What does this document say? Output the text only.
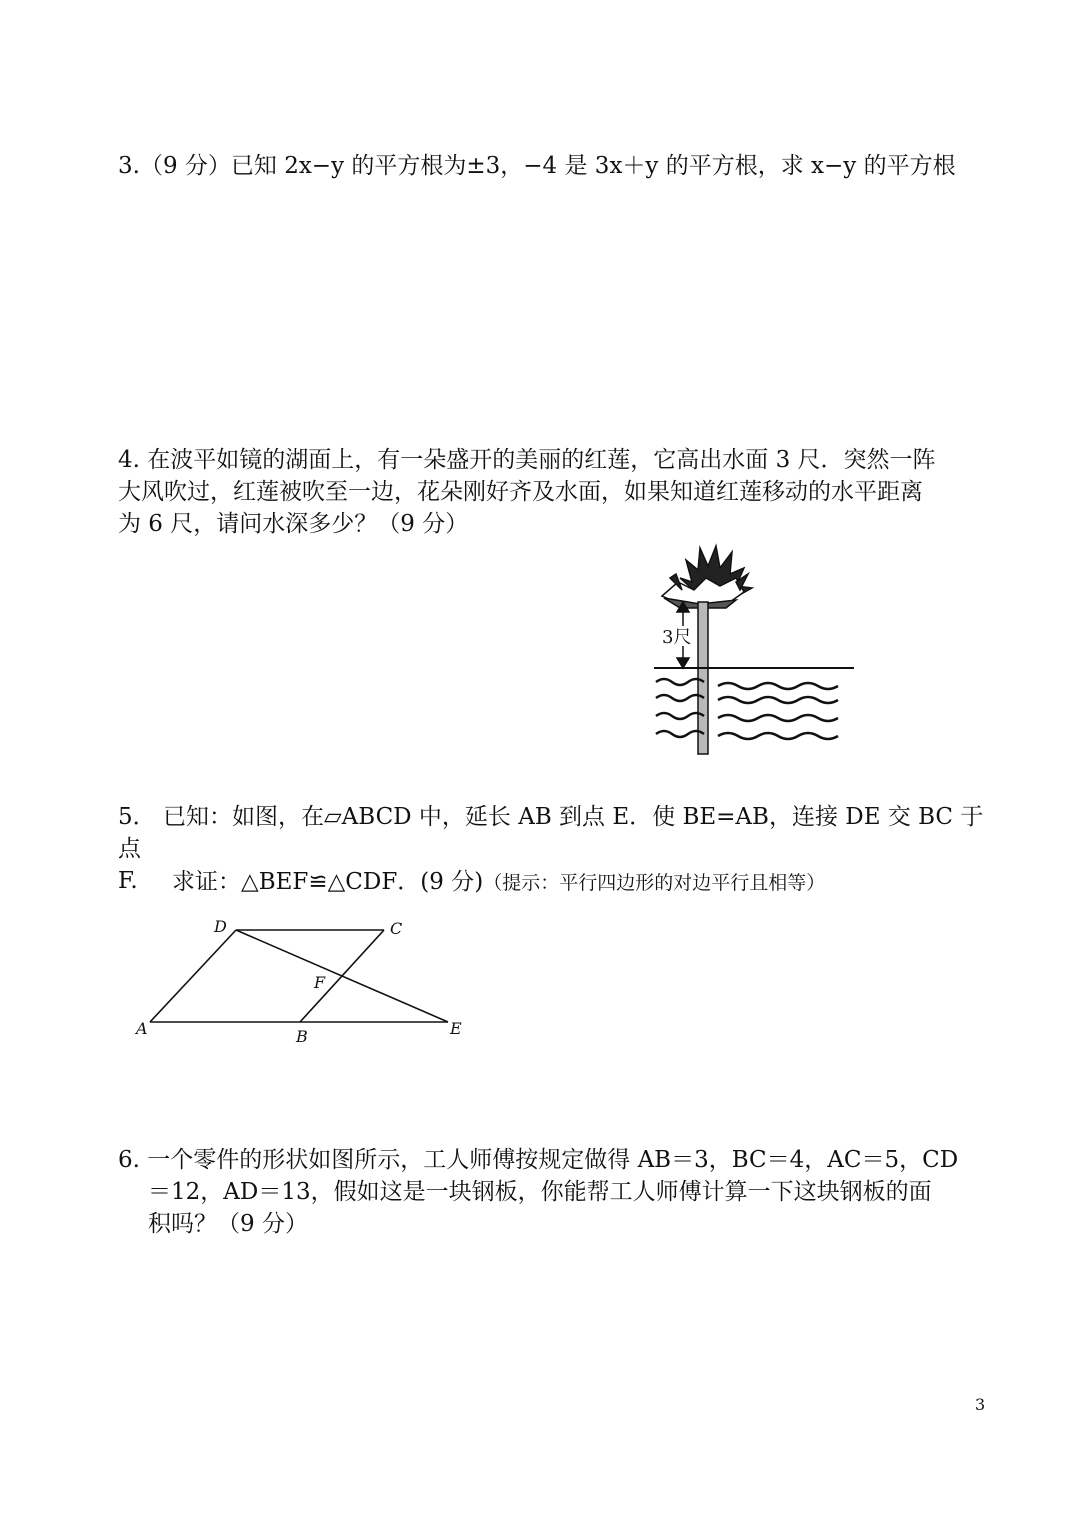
3.（9 分）已知 2x−y 的平方根为±3，−4 是 3x＋y 的平方根，求 x−y 的平方根

4. 在波平如镜的湖面上，有一朵盛开的美丽的红莲，它高出水面 3 尺．突然一阵
大风吹过，红莲被吹至一边，花朵刚好齐及水面，如果知道红莲移动的水平距离
为 6 尺，请问水深多少？（9 分）

3尺

5． 已知：如图，在▱ABCD 中，延长 AB 到点 E．使 BE=AB，连接 DE 交 BC 于点
F.	求证：△BEF≌△CDF．(9 分)（提示：平行四边形的对边平行且相等）

D	C
F
A	B	E

6. 一个零件的形状如图所示，工人师傅按规定做得 AB＝3，BC＝4，AC＝5，CD

＝12，AD＝13，假如这是一块钢板，你能帮工人师傅计算一下这块钢板的面
积吗？（9 分）

3
